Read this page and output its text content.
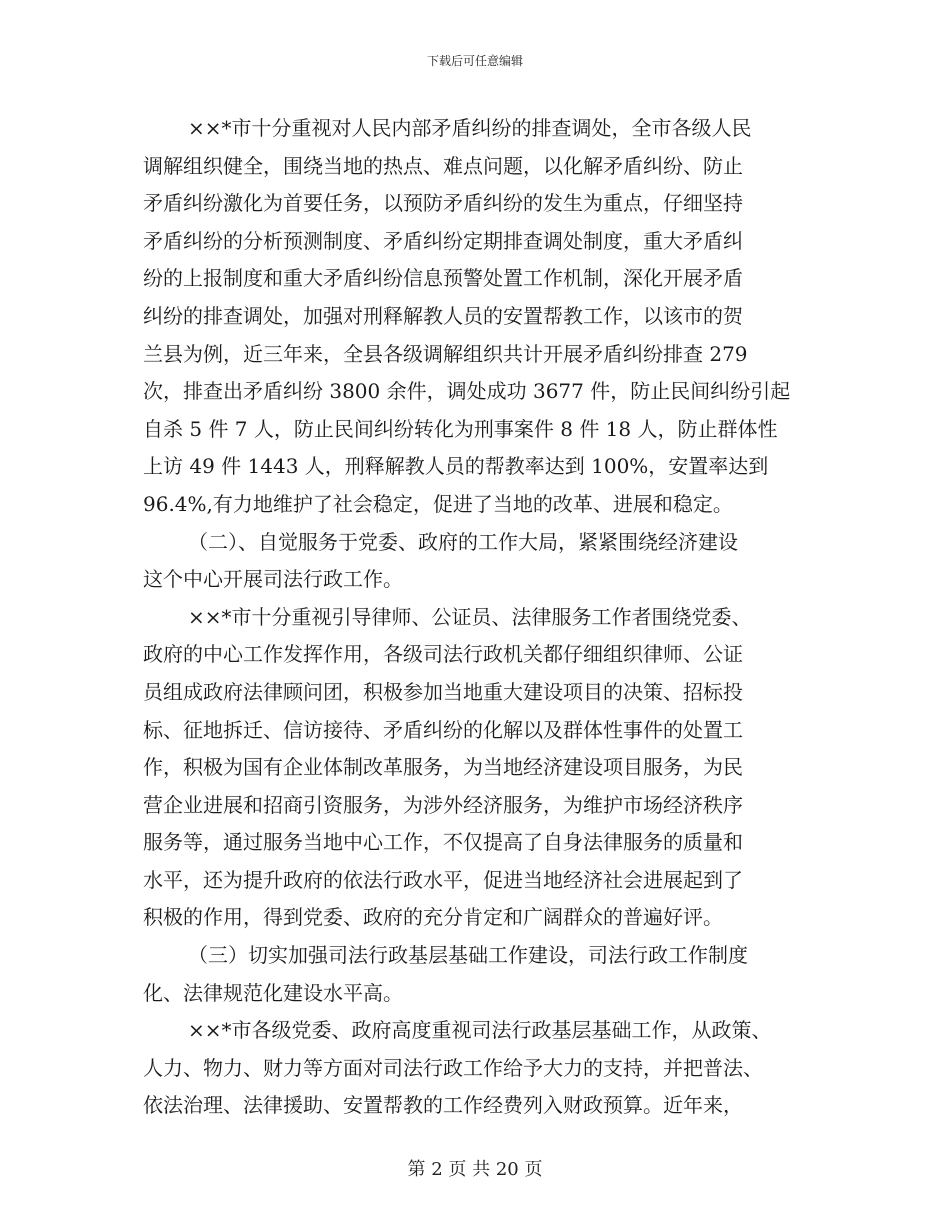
下载后可任意编辑
××*市十分重视对人民内部矛盾纠纷的排查调处，全市各级人民
调解组织健全，围绕当地的热点、难点问题，以化解矛盾纠纷、防止
矛盾纠纷激化为首要任务，以预防矛盾纠纷的发生为重点，仔细坚持
矛盾纠纷的分析预测制度、矛盾纠纷定期排查调处制度，重大矛盾纠
纷的上报制度和重大矛盾纠纷信息预警处置工作机制，深化开展矛盾
纠纷的排查调处，加强对刑释解教人员的安置帮教工作，以该市的贺
兰县为例，近三年来，全县各级调解组织共计开展矛盾纠纷排查 279
次，排查出矛盾纠纷 3800 余件，调处成功 3677 件，防止民间纠纷引起
自杀 5 件 7 人，防止民间纠纷转化为刑事案件 8 件 18 人，防止群体性
上访 49 件 1443 人，刑释解教人员的帮教率达到 100%，安置率达到
96.4%,有力地维护了社会稳定，促进了当地的改革、进展和稳定。
（二）、自觉服务于党委、政府的工作大局，紧紧围绕经济建设
这个中心开展司法行政工作。
××*市十分重视引导律师、公证员、法律服务工作者围绕党委、
政府的中心工作发挥作用，各级司法行政机关都仔细组织律师、公证
员组成政府法律顾问团，积极参加当地重大建设项目的决策、招标投
标、征地拆迁、信访接待、矛盾纠纷的化解以及群体性事件的处置工
作，积极为国有企业体制改革服务，为当地经济建设项目服务，为民
营企业进展和招商引资服务，为涉外经济服务，为维护市场经济秩序
服务等，通过服务当地中心工作，不仅提高了自身法律服务的质量和
水平，还为提升政府的依法行政水平，促进当地经济社会进展起到了
积极的作用，得到党委、政府的充分肯定和广阔群众的普遍好评。
（三）切实加强司法行政基层基础工作建设，司法行政工作制度
化、法律规范化建设水平高。
××*市各级党委、政府高度重视司法行政基层基础工作，从政策、
人力、物力、财力等方面对司法行政工作给予大力的支持，并把普法、
依法治理、法律援助、安置帮教的工作经费列入财政预算。近年来，
第 2 页 共 20 页
